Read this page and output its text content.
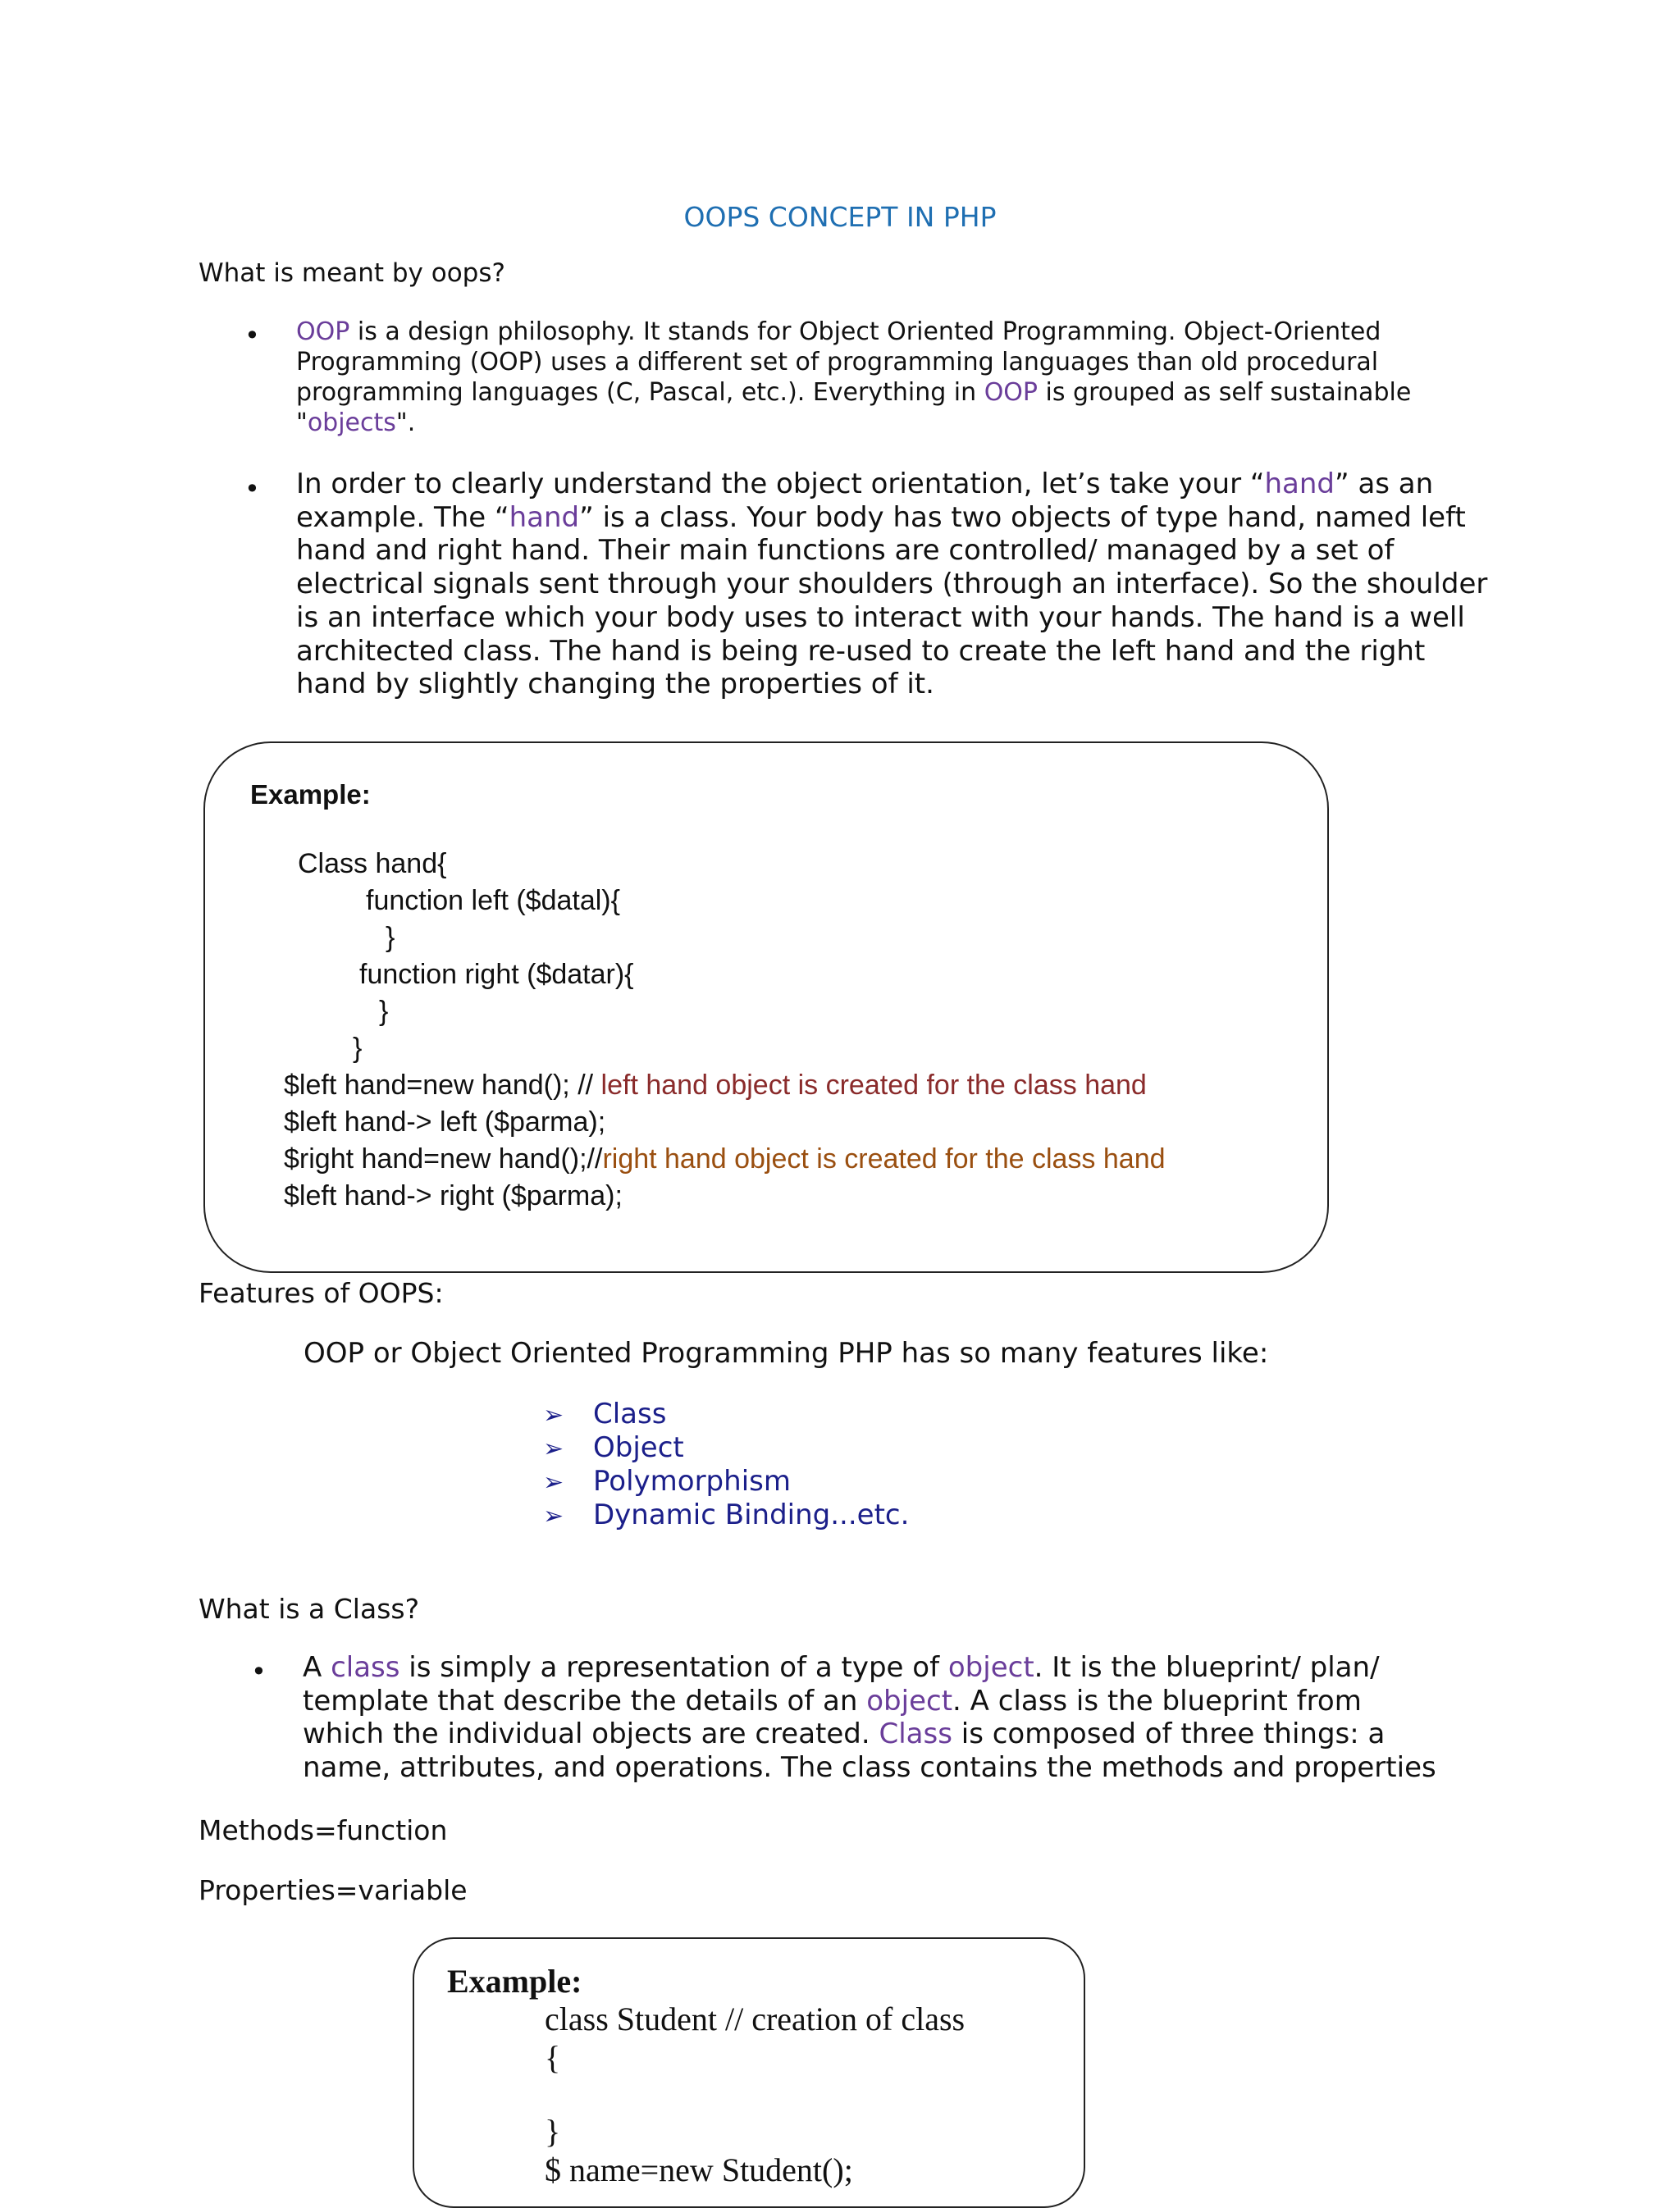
OOPS CONCEPT IN PHP
What is meant by oops?
• OOP is a design philosophy. It stands for Object Oriented Programming. Object-Oriented Programming (OOP) uses a different set of programming languages than old procedural programming languages (C, Pascal, etc.). Everything in OOP is grouped as self sustainable "objects".

• In order to clearly understand the object orientation, let’s take your “hand” as an example. The “hand” is a class. Your body has two objects of type hand, named left hand and right hand. Their main functions are controlled/ managed by a set of electrical signals sent through your shoulders (through an interface). So the shoulder is an interface which your body uses to interact with your hands. The hand is a well architected class. The hand is being re-used to create the left hand and the right hand by slightly changing the properties of it.

Example:
Class hand{
function left ($datal){
}
function right ($datar){
}
}
$left hand=new hand(); // left hand object is created for the class hand
$left hand-> left ($parma);
$right hand=new hand();//right hand object is created for the class hand
$left hand-> right ($parma);
Features of OOPS:
OOP or Object Oriented Programming PHP has so many features like:
➢ Class
➢ Object
➢ Polymorphism
➢ Dynamic Binding...etc.
What is a Class?
• A class is simply a representation of a type of object. It is the blueprint/ plan/ template that describe the details of an object. A class is the blueprint from which the individual objects are created. Class is composed of three things: a name, attributes, and operations. The class contains the methods and properties

Methods=function
Properties=variable
Example:
class Student // creation of class
{
}
$ name=new Student();
